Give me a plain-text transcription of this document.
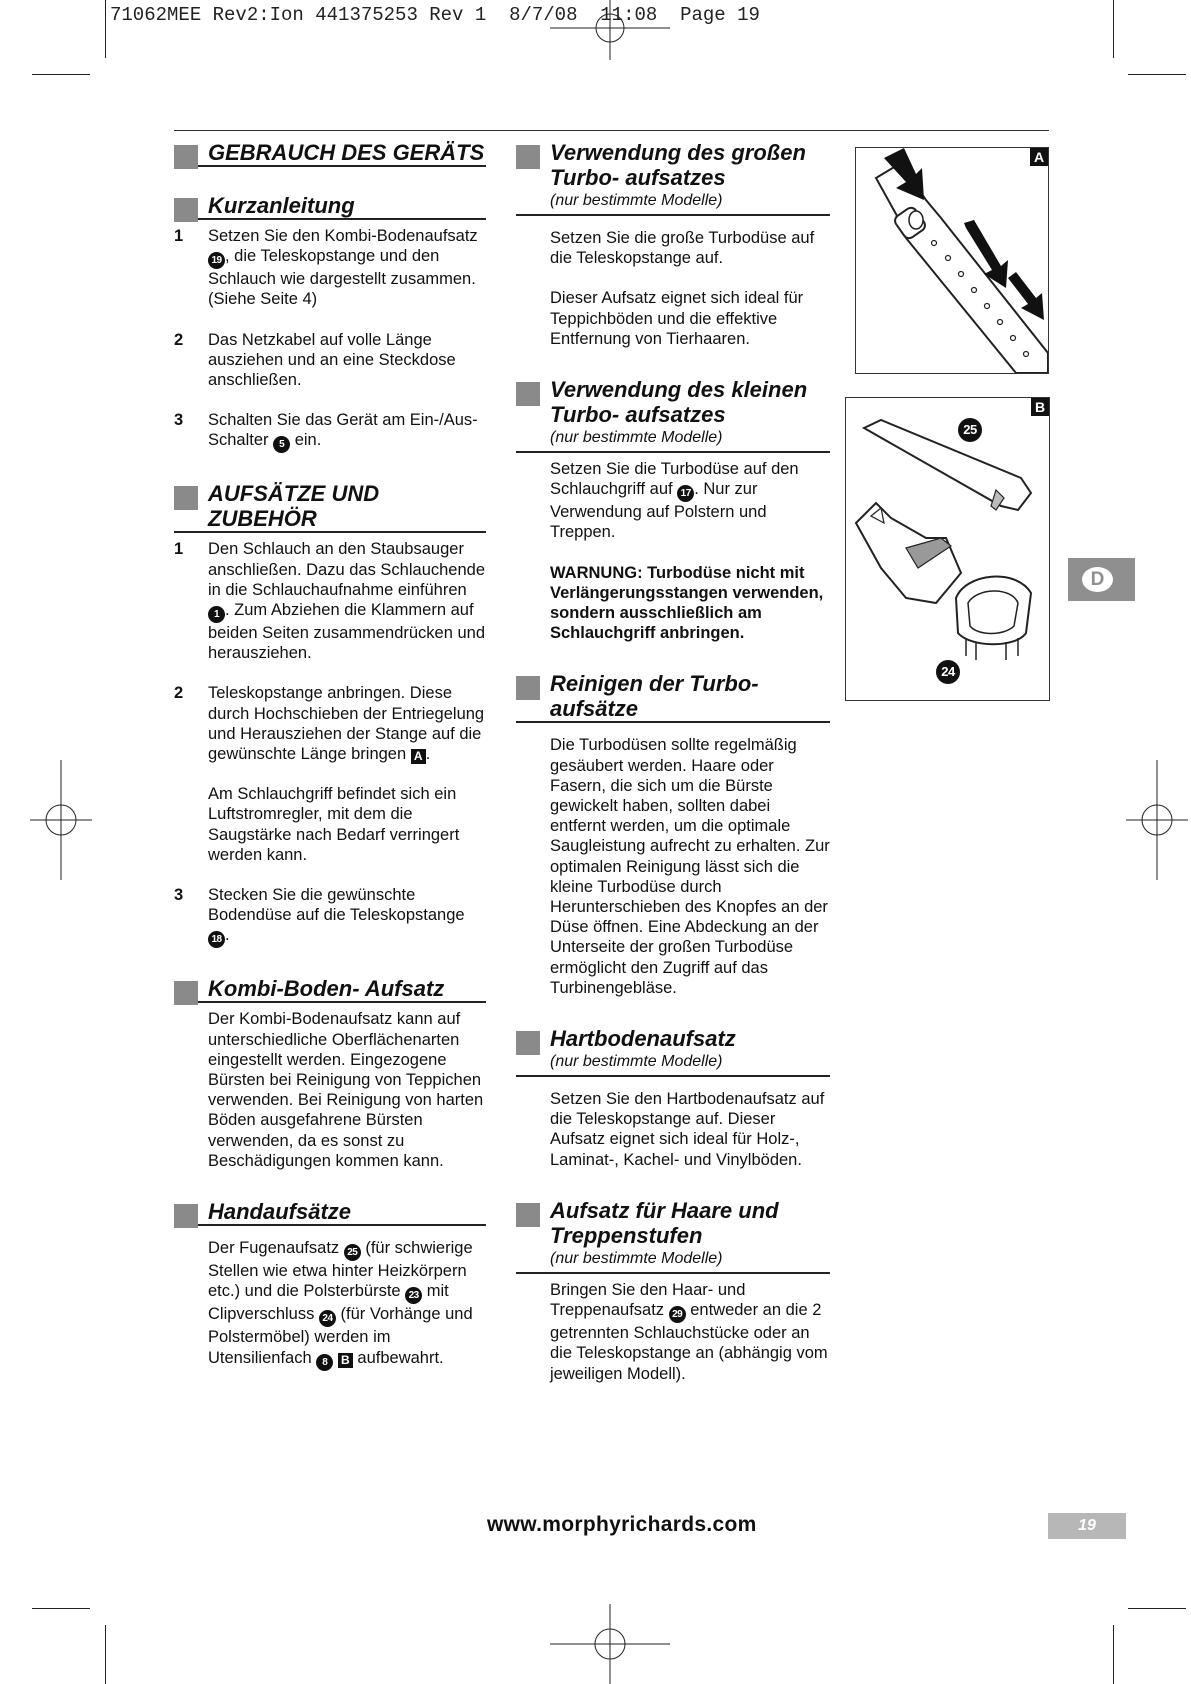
71062MEE Rev2:Ion 441375253 Rev 1  8/7/08  11:08  Page 19
GEBRAUCH DES GERÄTS
Kurzanleitung
1 Setzen Sie den Kombi-Bodenaufsatz 19 , die Teleskopstange und den Schlauch wie dargestellt zusammen. (Siehe Seite 4)
2 Das Netzkabel auf volle Länge ausziehen und an eine Steckdose anschließen.
3 Schalten Sie das Gerät am Ein-/Aus-Schalter 5 ein.
AUFSÄTZE UND
ZUBEHÖR
1 Den Schlauch an den Staubsauger anschließen. Dazu das Schlauchende in die Schlauchaufnahme einführen 1 . Zum Abziehen die Klammern auf beiden Seiten zusammendrücken und herausziehen.
2 Teleskopstange anbringen. Diese durch Hochschieben der Entriegelung und Herausziehen der Stange auf die gewünschte Länge bringen A .
Am Schlauchgriff befindet sich ein Luftstromregler, mit dem die Saugstärke nach Bedarf verringert werden kann.
3 Stecken Sie die gewünschte Bodendüse auf die Teleskopstange 18 .
Kombi-Boden- Aufsatz
Der Kombi-Bodenaufsatz kann auf unterschiedliche Oberflächenarten eingestellt werden. Eingezogene Bürsten bei Reinigung von Teppichen verwenden. Bei Reinigung von harten Böden ausgefahrene Bürsten verwenden, da es sonst zu Beschädigungen kommen kann.
Handaufsätze
Der Fugenaufsatz 25 (für schwierige Stellen wie etwa hinter Heizkörpern etc.) und die Polsterbürste 23 mit Clipverschluss 24 (für Vorhänge und Polstermöbel) werden im Utensilienfach 8 B aufbewahrt.
Verwendung des großen
Turbo- aufsatzes
(nur bestimmte Modelle)
Setzen Sie die große Turbodüse auf die Teleskopstange auf.
Dieser Aufsatz eignet sich ideal für Teppichböden und die effektive Entfernung von Tierhaaren.
Verwendung des kleinen
Turbo- aufsatzes
(nur bestimmte Modelle)
Setzen Sie die Turbodüse auf den Schlauchgriff auf 17 . Nur zur Verwendung auf Polstern und Treppen.
WARNUNG: Turbodüse nicht mit Verlängerungsstangen verwenden, sondern ausschließlich am Schlauchgriff anbringen.
Reinigen der Turbo-
aufsätze
Die Turbodüsen sollte regelmäßig gesäubert werden. Haare oder Fasern, die sich um die Bürste gewickelt haben, sollten dabei entfernt werden, um die optimale Saugleistung aufrecht zu erhalten. Zur optimalen Reinigung lässt sich die kleine Turbodüse durch Herunterschieben des Knopfes an der Düse öffnen. Eine Abdeckung an der Unterseite der großen Turbodüse ermöglicht den Zugriff auf das Turbinengebläse.
Hartbodenaufsatz
(nur bestimmte Modelle)
Setzen Sie den Hartbodenaufsatz auf die Teleskopstange auf. Dieser Aufsatz eignet sich ideal für Holz-, Laminat-, Kachel- und Vinylböden.
Aufsatz für Haare und
Treppenstufen
(nur bestimmte Modelle)
Bringen Sie den Haar- und Treppenaufsatz 29 entweder an die 2 getrennten Schlauchstücke oder an die Teleskopstange an (abhängig vom jeweiligen Modell).
A
B
25
24
D
www.morphyrichards.com	19
